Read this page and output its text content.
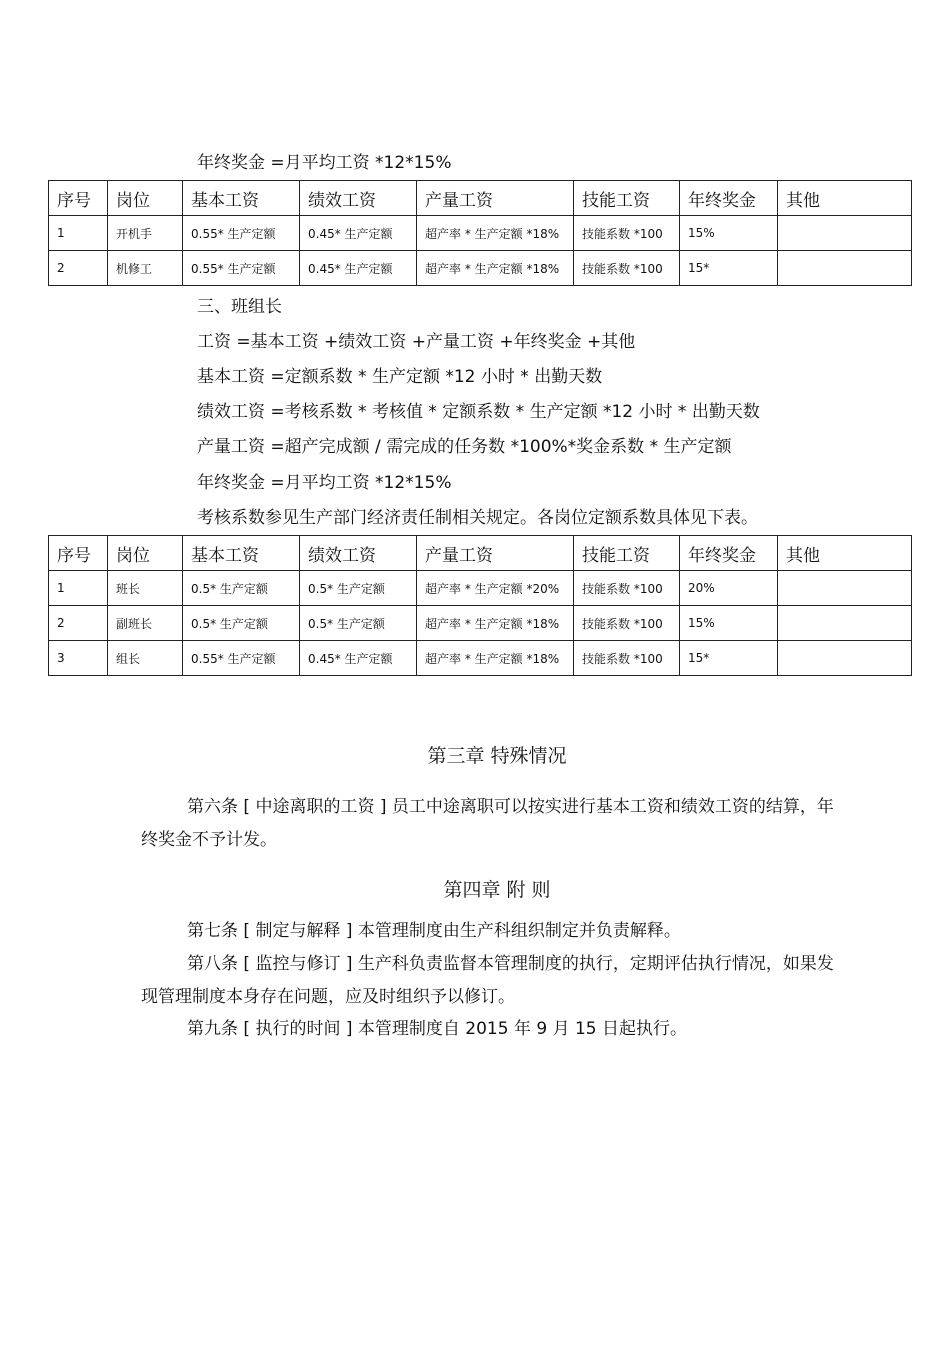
年终奖金 =月平均工资 *12*15%
序号	岗位	基本工资	绩效工资	产量工资	技能工资	年终奖金	其他
1	开机手	0.55* 生产定额	0.45* 生产定额	超产率 * 生产定额 *18%	技能系数 *100	15%	
2	机修工	0.55* 生产定额	0.45* 生产定额	超产率 * 生产定额 *18%	技能系数 *100	15*	
三、班组长
工资 =基本工资 +绩效工资 +产量工资 +年终奖金 +其他
基本工资 =定额系数 * 生产定额 *12 小时 * 出勤天数
绩效工资 =考核系数 * 考核值 * 定额系数 * 生产定额 *12 小时 * 出勤天数
产量工资 =超产完成额 / 需完成的任务数 *100%*奖金系数 * 生产定额
年终奖金 =月平均工资 *12*15%
考核系数参见生产部门经济责任制相关规定。各岗位定额系数具体见下表。
序号	岗位	基本工资	绩效工资	产量工资	技能工资	年终奖金	其他
1	班长	0.5* 生产定额	0.5* 生产定额	超产率 * 生产定额 *20%	技能系数 *100	20%	
2	副班长	0.5* 生产定额	0.5* 生产定额	超产率 * 生产定额 *18%	技能系数 *100	15%	
3	组长	0.55* 生产定额	0.45* 生产定额	超产率 * 生产定额 *18%	技能系数 *100	15*	
第三章 特殊情况
第六条 [ 中途离职的工资 ] 员工中途离职可以按实进行基本工资和绩效工资的结算，年终奖金不予计发。
第四章 附 则
第七条 [ 制定与解释 ] 本管理制度由生产科组织制定并负责解释。
第八条 [ 监控与修订 ] 生产科负责监督本管理制度的执行，定期评估执行情况，如果发现管理制度本身存在问题，应及时组织予以修订。
第九条 [ 执行的时间 ] 本管理制度自 2015 年 9 月 15 日起执行。
